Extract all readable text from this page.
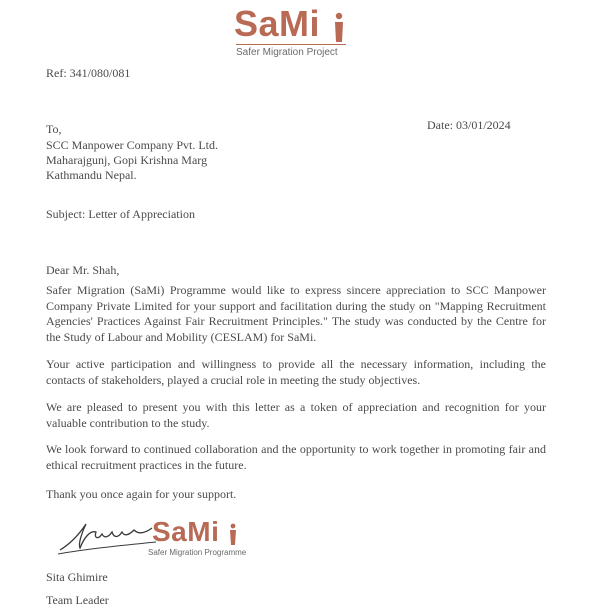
SaMi
Safer Migration Project
Ref: 341/080/081
Date: 03/01/2024
To,
SCC Manpower Company Pvt. Ltd.
Maharajgunj, Gopi Krishna Marg
Kathmandu Nepal.
Subject: Letter of Appreciation
Dear Mr. Shah,
Safer Migration (SaMi) Programme would like to express sincere appreciation to SCC Manpower Company Private Limited for your support and facilitation during the study on "Mapping Recruitment Agencies' Practices Against Fair Recruitment Principles." The study was conducted by the Centre for the Study of Labour and Mobility (CESLAM) for SaMi.
Your active participation and willingness to provide all the necessary information, including the contacts of stakeholders, played a crucial role in meeting the study objectives.
We are pleased to present you with this letter as a token of appreciation and recognition for your valuable contribution to the study.
We look forward to continued collaboration and the opportunity to work together in promoting fair and ethical recruitment practices in the future.
Thank you once again for your support.
SaMi
Safer Migration Programme
Sita Ghimire
Team Leader
